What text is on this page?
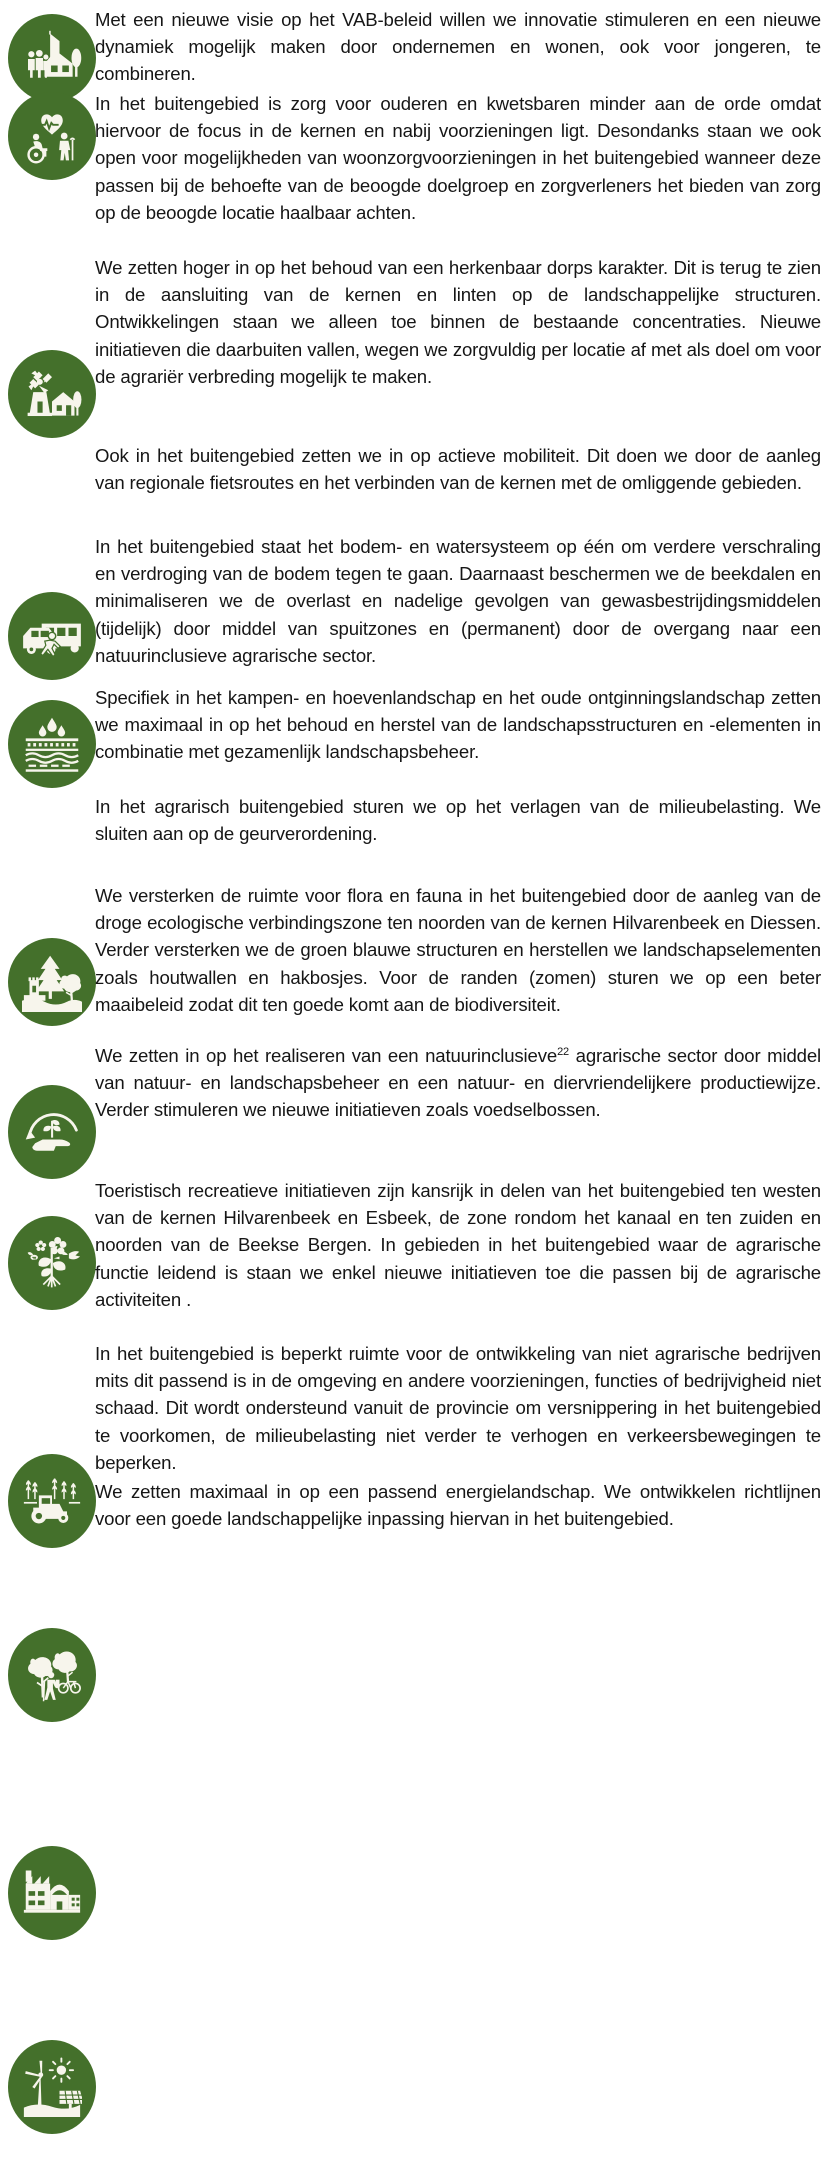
Met een nieuwe visie op het VAB-beleid willen we innovatie stimuleren en een nieuwe dynamiek mogelijk maken door ondernemen en wonen, ook voor jongeren, te combineren.

In het buitengebied is zorg voor ouderen en kwetsbaren minder aan de orde omdat hiervoor de focus in de kernen en nabij voorzieningen ligt. Desondanks staan we ook open voor mogelijkheden van woonzorgvoorzieningen in het buitengebied wanneer deze passen bij de behoefte van de beoogde doelgroep en zorgverleners het bieden van zorg op de beoogde locatie haalbaar achten.

We zetten hoger in op het behoud van een herkenbaar dorps karakter. Dit is terug te zien in de aansluiting van de kernen en linten op de landschappelijke structuren. Ontwikkelingen staan we alleen toe binnen de bestaande concentraties. Nieuwe initiatieven die daarbuiten vallen, wegen we zorgvuldig per locatie af met als doel om voor de agrariër verbreding mogelijk te maken.

Ook in het buitengebied zetten we in op actieve mobiliteit. Dit doen we door de aanleg van regionale fietsroutes en het verbinden van de kernen met de omliggende gebieden.

In het buitengebied staat het bodem- en watersysteem op één om verdere verschraling en verdroging van de bodem tegen te gaan. Daarnaast beschermen we de beekdalen en minimaliseren we de overlast en nadelige gevolgen van gewasbestrijdingsmiddelen (tijdelijk) door middel van spuitzones en (permanent) door de overgang naar een natuurinclusieve agrarische sector.

Specifiek in het kampen- en hoevenlandschap en het oude ontginningslandschap zetten we maximaal in op het behoud en herstel van de landschapsstructuren en -elementen in combinatie met gezamenlijk landschapsbeheer.

In het agrarisch buitengebied sturen we op het verlagen van de milieubelasting. We sluiten aan op de geurverordening.

We versterken de ruimte voor flora en fauna in het buitengebied door de aanleg van de droge ecologische verbindingszone ten noorden van de kernen Hilvarenbeek en Diessen. Verder versterken we de groen blauwe structuren en herstellen we landschapselementen zoals houtwallen en hakbosjes. Voor de randen (zomen) sturen we op een beter maaibeleid zodat dit ten goede komt aan de biodiversiteit.

We zetten in op het realiseren van een natuurinclusieve$^{22}$ agrarische sector door middel van natuur- en landschapsbeheer en een natuur- en diervriendelijkere productiewijze. Verder stimuleren we nieuwe initiatieven zoals voedselbossen.

Toeristisch recreatieve initiatieven zijn kansrijk in delen van het buitengebied ten westen van de kernen Hilvarenbeek en Esbeek, de zone rondom het kanaal en ten zuiden en noorden van de Beekse Bergen. In gebieden in het buitengebied waar de agrarische functie leidend is staan we enkel nieuwe initiatieven toe die passen bij de agrarische activiteiten .

In het buitengebied is beperkt ruimte voor de ontwikkeling van niet agrarische bedrijven mits dit passend is in de omgeving en andere voorzieningen, functies of bedrijvigheid niet schaad. Dit wordt ondersteund vanuit de provincie om versnippering in het buitengebied te voorkomen, de milieubelasting niet verder te verhogen en verkeersbewegingen te beperken.

We zetten maximaal in op een passend energielandschap. We ontwikkelen richtlijnen voor een goede landschappelijke inpassing hiervan in het buitengebied.
